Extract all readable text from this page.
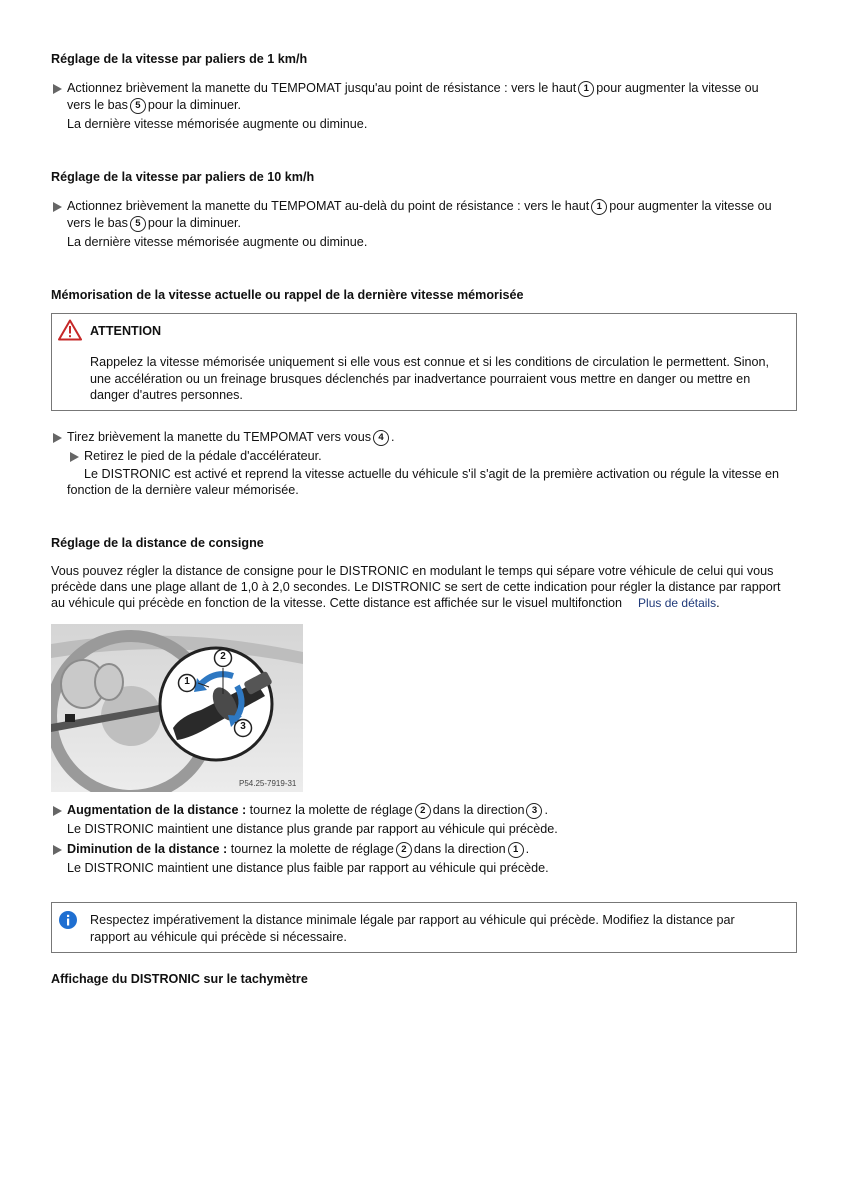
Réglage de la vitesse par paliers de 1 km/h
Actionnez brièvement la manette du TEMPOMAT jusqu'au point de résistance : vers le haut 1 pour augmenter la vitesse ou
vers le bas 5 pour la diminuer.
La dernière vitesse mémorisée augmente ou diminue.
Réglage de la vitesse par paliers de 10 km/h
Actionnez brièvement la manette du TEMPOMAT au-delà du point de résistance : vers le haut 1 pour augmenter la vitesse ou
vers le bas 5 pour la diminuer.
La dernière vitesse mémorisée augmente ou diminue.
Mémorisation de la vitesse actuelle ou rappel de la dernière vitesse mémorisée
ATTENTION
Rappelez la vitesse mémorisée uniquement si elle vous est connue et si les conditions de circulation le permettent. Sinon,
une accélération ou un freinage brusques déclenchés par inadvertance pourraient vous mettre en danger ou mettre en
danger d'autres personnes.
Tirez brièvement la manette du TEMPOMAT vers vous 4 .
Retirez le pied de la pédale d'accélérateur.
Le DISTRONIC est activé et reprend la vitesse actuelle du véhicule s'il s'agit de la première activation ou régule la vitesse en
fonction de la dernière valeur mémorisée.
Réglage de la distance de consigne
Vous pouvez régler la distance de consigne pour le DISTRONIC en modulant le temps qui sépare votre véhicule de celui qui vous
précède dans une plage allant de 1,0 à 2,0 secondes. Le DISTRONIC se sert de cette indication pour régler la distance par rapport
au véhicule qui précède en fonction de la vitesse. Cette distance est affichée sur le visuel multifonction Plus de détails.
2
1
3
P54.25-7919-31
Augmentation de la distance : tournez la molette de réglage 2 dans la direction 3 .
Le DISTRONIC maintient une distance plus grande par rapport au véhicule qui précède.
Diminution de la distance : tournez la molette de réglage 2 dans la direction 1 .
Le DISTRONIC maintient une distance plus faible par rapport au véhicule qui précède.
Respectez impérativement la distance minimale légale par rapport au véhicule qui précède. Modifiez la distance par
rapport au véhicule qui précède si nécessaire.
Affichage du DISTRONIC sur le tachymètre
